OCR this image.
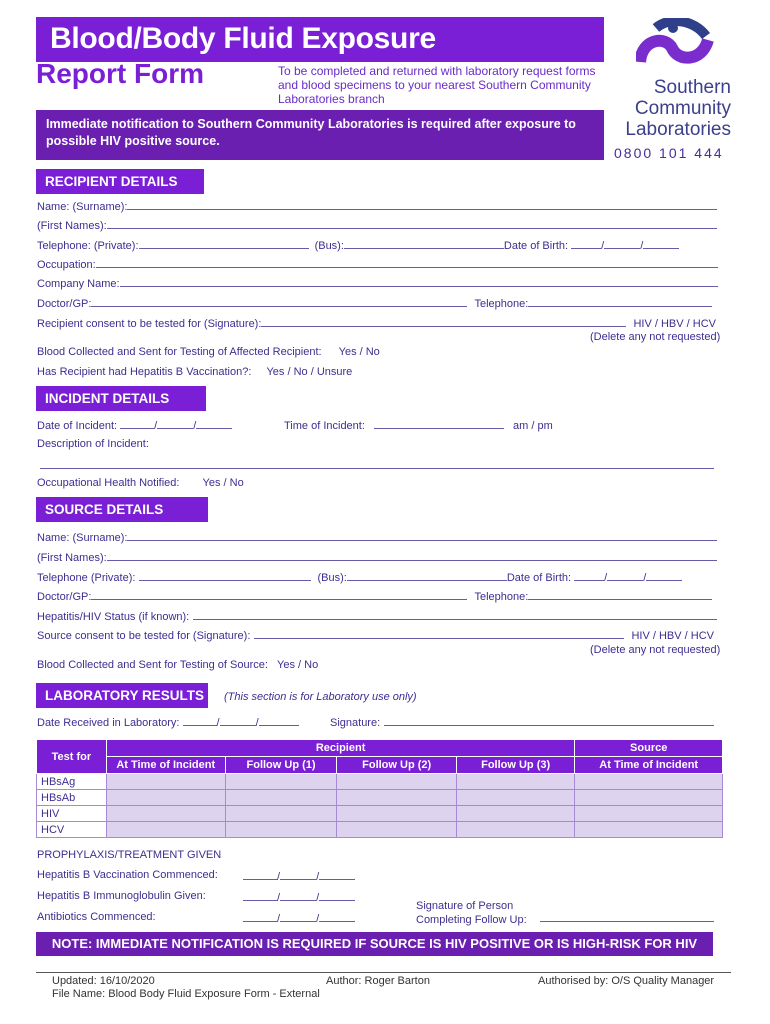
Blood/Body Fluid Exposure
Report Form	To be completed and returned with laboratory request forms and blood specimens to your nearest Southern Community Laboratories branch
Immediate notification to Southern Community Laboratories is required after exposure to possible HIV positive source.
Southern
Community
Laboratories
0800 101 444
RECIPIENT DETAILS
Name: (Surname):
(First Names):
Telephone: (Private):	(Bus):	Date of Birth:	/	/
Occupation:
Company Name:
Doctor/GP:	Telephone:
Recipient consent to be tested for (Signature):	HIV / HBV / HCV
(Delete any not requested)
Blood Collected and Sent for Testing of Affected Recipient: Yes / No
Has Recipient had Hepatitis B Vaccination?: Yes / No / Unsure
INCIDENT DETAILS
Date of Incident:	/	/	Time of Incident:	am / pm
Description of Incident:
Occupational Health Notified: Yes / No
SOURCE DETAILS
Name: (Surname):
(First Names):
Telephone (Private):	(Bus):	Date of Birth:	/	/
Doctor/GP:	Telephone:
Hepatitis/HIV Status (if known):
Source consent to be tested for (Signature):	HIV / HBV / HCV
(Delete any not requested)
Blood Collected and Sent for Testing of Source: Yes / No
LABORATORY RESULTS	(This section is for Laboratory use only)
Date Received in Laboratory:	/	/	Signature:
Test for	Recipient				Source
	At Time of Incident	Follow Up (1)	Follow Up (2)	Follow Up (3)	At Time of Incident
HBsAg					
HBsAb					
HIV					
HCV					
PROPHYLAXIS/TREATMENT GIVEN
Hepatitis B Vaccination Commenced:	/	/
Hepatitis B Immunoglobulin Given:	/	/
Antibiotics Commenced:	/	/
Signature of Person
Completing Follow Up:
NOTE: IMMEDIATE NOTIFICATION IS REQUIRED IF SOURCE IS HIV POSITIVE OR IS HIGH-RISK FOR HIV
Updated: 16/10/2020	Author: Roger Barton	Authorised by: O/S Quality Manager
File Name: Blood Body Fluid Exposure Form - External
